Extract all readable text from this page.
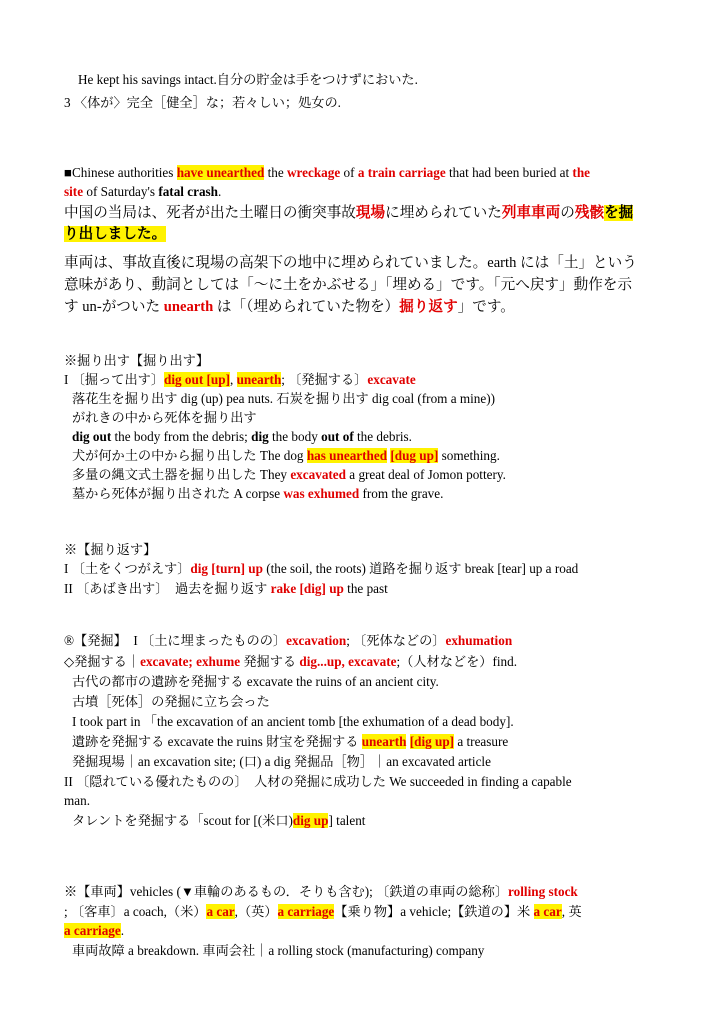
He kept his savings intact.自分の貯金は手をつけずにおいた.
3 〈体が〉完全［健全］な；若々しい；処女の.
■Chinese authorities have unearthed the wreckage of a train carriage that had been buried at the
site of Saturday's fatal crash.
中国の当局は、死者が出た土曜日の衝突事故現場に埋められていた列車車両の残骸を掘
り出しました。
車両は、事故直後に現場の高架下の地中に埋められていました。earth には「土」という
意味があり、動詞としては「～に土をかぶせる」「埋める」です。「元へ戻す」動作を示
す un-がついた unearth は「（埋められていた物を）掘り返す」です。
※掘り出す【掘り出す】
I 〔掘って出す〕dig out [up], unearth; 〔発掘する〕excavate
落花生を掘り出す dig (up) pea nuts. 石炭を掘り出す dig coal (from a mine))
がれきの中から死体を掘り出す
dig out the body from the debris; dig the body out of the debris.
犬が何か土の中から掘り出した The dog has unearthed [dug up] something.
多量の縄文式土器を掘り出した They excavated a great deal of Jomon pottery.
墓から死体が掘り出された A corpse was exhumed from the grave.
※【掘り返す】
I 〔土をくつがえす〕dig [turn] up (the soil, the roots) 道路を掘り返す break [tear] up a road
II 〔あばき出す〕　過去を掘り返す rake [dig] up the past
®【発掘】　I 〔土に埋まったものの〕excavation; 〔死体などの〕exhumation
◇発掘する｜excavate; exhume 発掘する dig...up, excavate;（人材などを）find.
古代の都市の遺跡を発掘する excavate the ruins of an ancient city.
古墳［死体］の発掘に立ち会った
I took part in 「the excavation of an ancient tomb [the exhumation of a dead body].
遺跡を発掘する excavate the ruins 財宝を発掘する unearth [dig up] a treasure
発掘現場｜an excavation site; (口) a dig 発掘品［物］｜an excavated article
II 〔隠れている優れたものの〕　人材の発掘に成功した We succeeded in finding a capable
man.
タレントを発掘する「scout for [(米口)dig up] talent
※【車両】vehicles (▼車輪のあるもの．そりも含む); 〔鉄道の車両の総称〕rolling stock
; 〔客車〕a coach,（米）a car,（英）a carriage【乗り物】a vehicle;【鉄道の】米 a car, 英
a carriage.
車両故障 a breakdown. 車両会社｜a rolling stock (manufacturing) company
